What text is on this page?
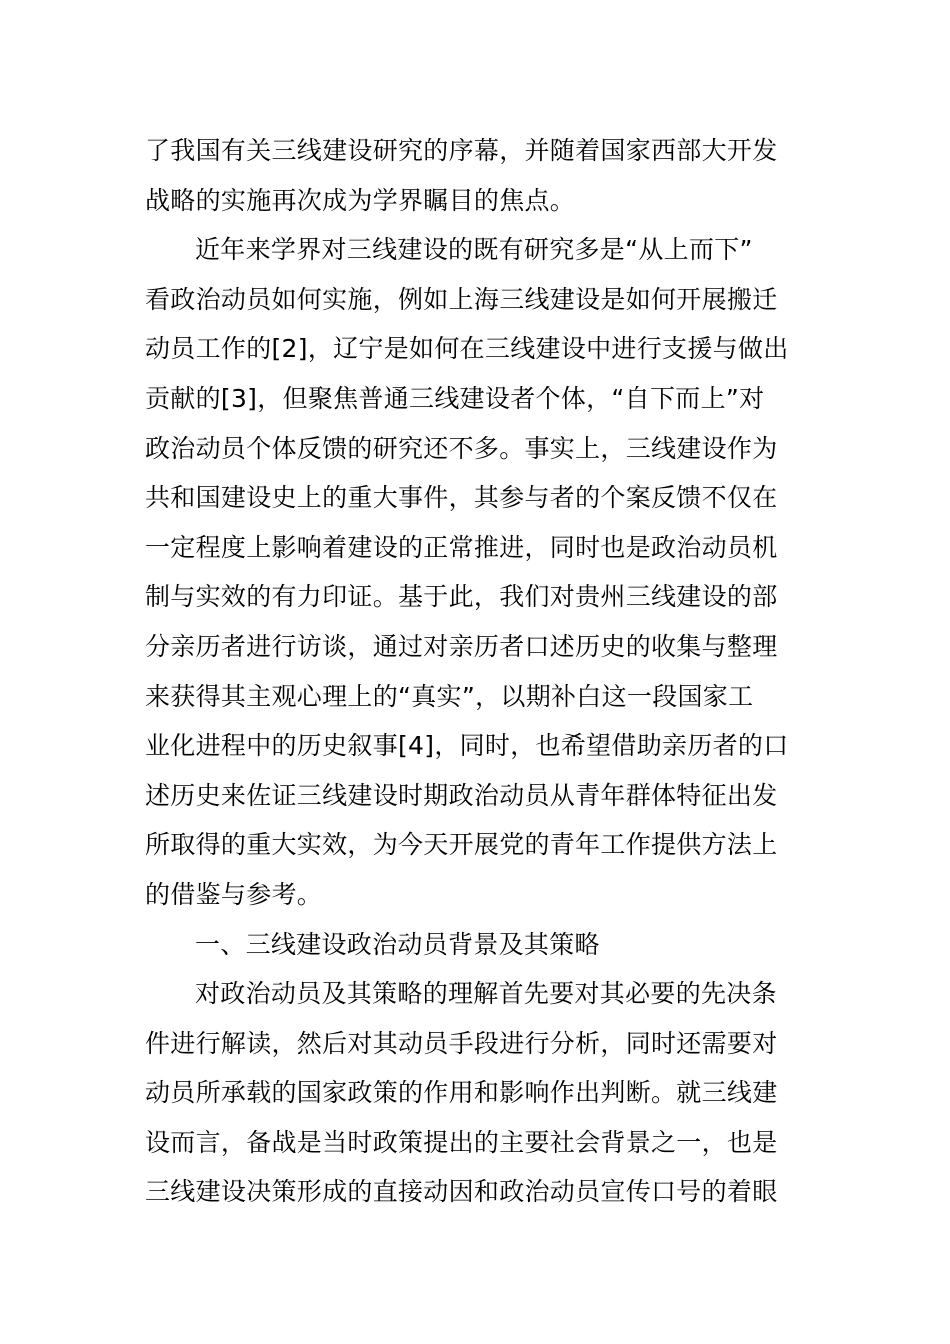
了我国有关三线建设研究的序幕，并随着国家西部大开发
战略的实施再次成为学界瞩目的焦点。
近年来学界对三线建设的既有研究多是“从上而下”
看政治动员如何实施，例如上海三线建设是如何开展搬迁
动员工作的[2]，辽宁是如何在三线建设中进行支援与做出
贡献的[3]，但聚焦普通三线建设者个体，“自下而上”对
政治动员个体反馈的研究还不多。事实上，三线建设作为
共和国建设史上的重大事件，其参与者的个案反馈不仅在
一定程度上影响着建设的正常推进，同时也是政治动员机
制与实效的有力印证。基于此，我们对贵州三线建设的部
分亲历者进行访谈，通过对亲历者口述历史的收集与整理
来获得其主观心理上的“真实”，以期补白这一段国家工
业化进程中的历史叙事[4]，同时，也希望借助亲历者的口
述历史来佐证三线建设时期政治动员从青年群体特征出发
所取得的重大实效，为今天开展党的青年工作提供方法上
的借鉴与参考。
一、三线建设政治动员背景及其策略
对政治动员及其策略的理解首先要对其必要的先决条
件进行解读，然后对其动员手段进行分析，同时还需要对
动员所承载的国家政策的作用和影响作出判断。就三线建
设而言，备战是当时政策提出的主要社会背景之一，也是
三线建设决策形成的直接动因和政治动员宣传口号的着眼
